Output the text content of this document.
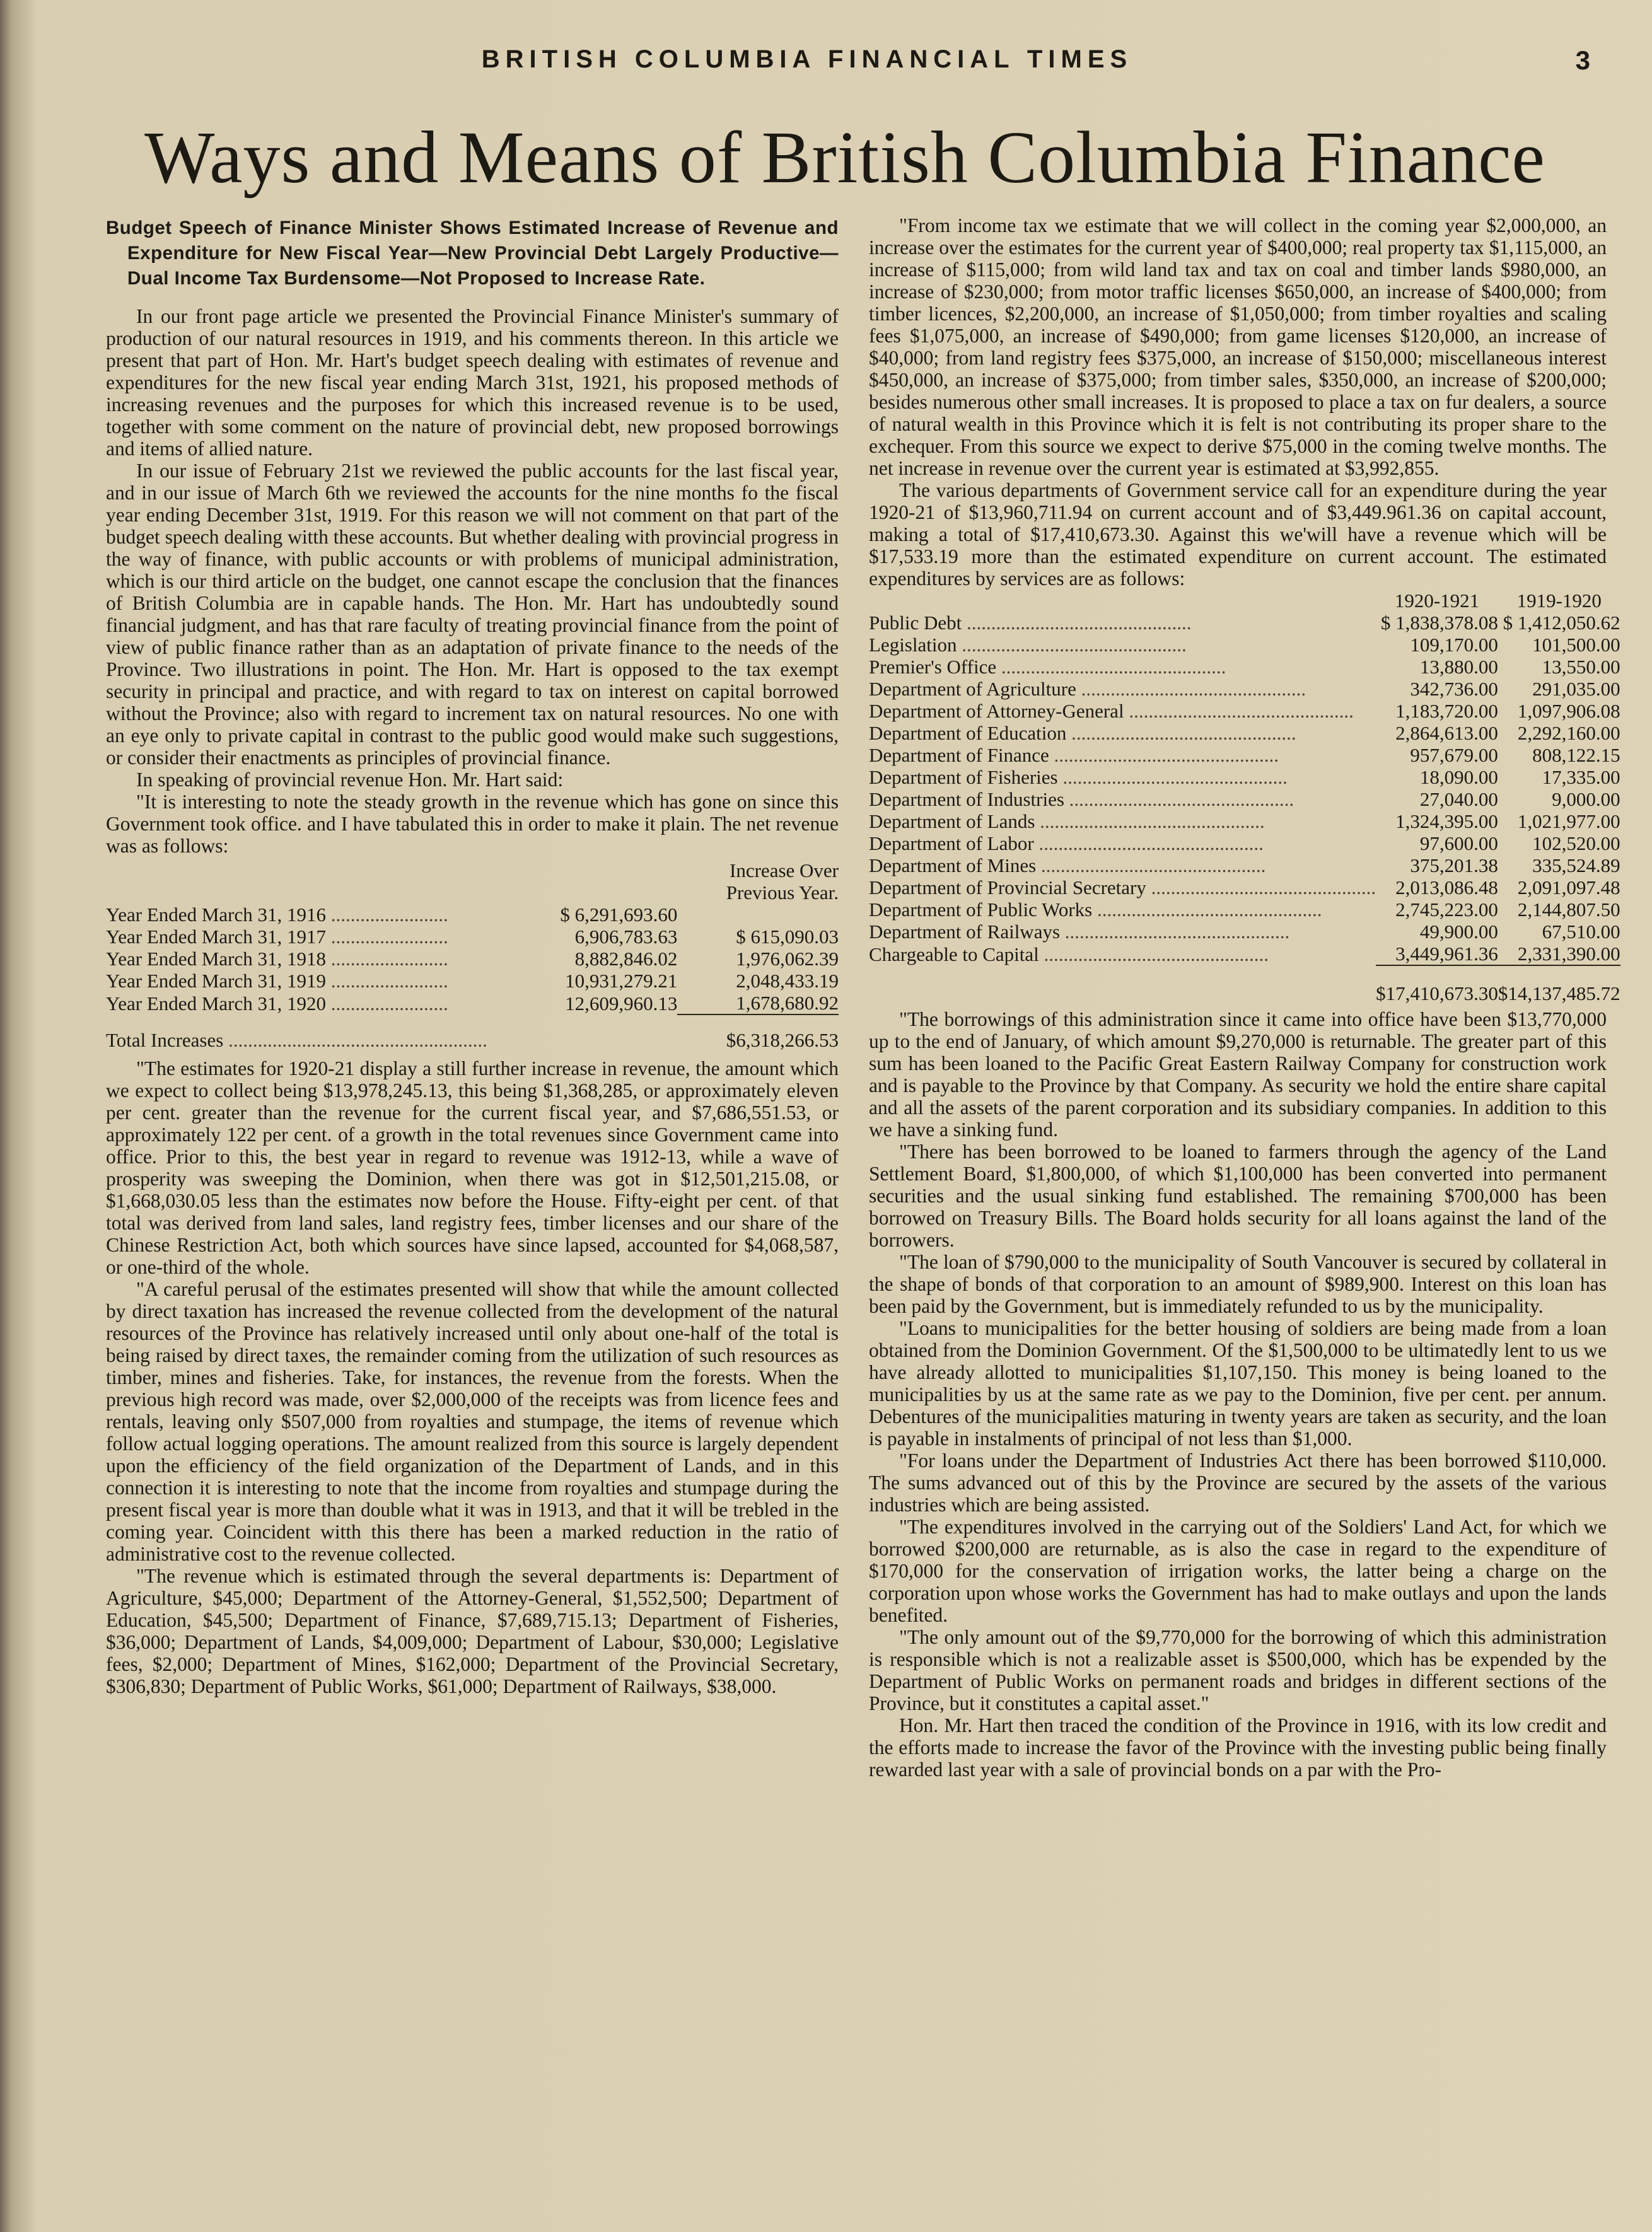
BRITISH COLUMBIA FINANCIAL TIMES	3
Ways and Means of British Columbia Finance
Budget Speech of Finance Minister Shows Estimated Increase of Revenue and Expenditure for New Fiscal Year—New Provincial Debt Largely Productive—Dual Income Tax Burdensome—Not Proposed to Increase Rate.

In our front page article we presented the Provincial Finance Minister's summary of production of our natural resources in 1919, and his comments thereon. In this article we present that part of Hon. Mr. Hart's budget speech dealing with estimates of revenue and expenditures for the new fiscal year ending March 31st, 1921, his proposed methods of increasing revenues and the purposes for which this increased revenue is to be used, together with some comment on the nature of provincial debt, new proposed borrowings and items of allied nature.

In our issue of February 21st we reviewed the public accounts for the last fiscal year, and in our issue of March 6th we reviewed the accounts for the nine months fo the fiscal year ending December 31st, 1919. For this reason we will not comment on that part of the budget speech dealing witth these accounts. But whether dealing with provincial progress in the way of finance, with public accounts or with problems of municipal administration, which is our third article on the budget, one cannot escape the conclusion that the finances of British Columbia are in capable hands. The Hon. Mr. Hart has undoubtedly sound financial judgment, and has that rare faculty of treating provincial finance from the point of view of public finance rather than as an adaptation of private finance to the needs of the Province. Two illustrations in point. The Hon. Mr. Hart is opposed to the tax exempt security in principal and practice, and with regard to tax on interest on capital borrowed without the Province; also with regard to increment tax on natural resources. No one with an eye only to private capital in contrast to the public good would make such suggestions, or consider their enactments as principles of provincial finance.

In speaking of provincial revenue Hon. Mr. Hart said:

"It is interesting to note the steady growth in the revenue which has gone on since this Government took office. and I have tabulated this in order to make it plain. The net revenue was as follows:

		Increase Over
		Previous Year.
Year Ended March 31, 1916 ........................	$ 6,291,693.60	
Year Ended March 31, 1917 ........................	6,906,783.63	$ 615,090.03
Year Ended March 31, 1918 ........................	8,882,846.02	1,976,062.39
Year Ended March 31, 1919 ........................	10,931,279.21	2,048,433.19
Year Ended March 31, 1920 ........................	12,609,960.13	1,678,680.92
Total Increases .....................................................		$6,318,266.53

"The estimates for 1920-21 display a still further increase in revenue, the amount which we expect to collect being $13,978,245.13, this being $1,368,285, or approximately eleven per cent. greater than the revenue for the current fiscal year, and $7,686,551.53, or approximately 122 per cent. of a growth in the total revenues since Government came into office. Prior to this, the best year in regard to revenue was 1912-13, while a wave of prosperity was sweeping the Dominion, when there was got in $12,501,215.08, or $1,668,030.05 less than the estimates now before the House. Fifty-eight per cent. of that total was derived from land sales, land registry fees, timber licenses and our share of the Chinese Restriction Act, both which sources have since lapsed, accounted for $4,068,587, or one-third of the whole.

"A careful perusal of the estimates presented will show that while the amount collected by direct taxation has increased the revenue collected from the development of the natural resources of the Province has relatively increased until only about one-half of the total is being raised by direct taxes, the remainder coming from the utilization of such resources as timber, mines and fisheries. Take, for instances, the revenue from the forests. When the previous high record was made, over $2,000,000 of the receipts was from licence fees and rentals, leaving only $507,000 from royalties and stumpage, the items of revenue which follow actual logging operations. The amount realized from this source is largely dependent upon the efficiency of the field organization of the Department of Lands, and in this connection it is interesting to note that the income from royalties and stumpage during the present fiscal year is more than double what it was in 1913, and that it will be trebled in the coming year. Coincident witth this there has been a marked reduction in the ratio of administrative cost to the revenue collected.

"The revenue which is estimated through the several departments is: Department of Agriculture, $45,000; Department of the Attorney-General, $1,552,500; Department of Education, $45,500; Department of Finance, $7,689,715.13; Department of Fisheries, $36,000; Department of Lands, $4,009,000; Department of Labour, $30,000; Legislative fees, $2,000; Department of Mines, $162,000; Department of the Provincial Secretary, $306,830; Department of Public Works, $61,000; Department of Railways, $38,000.

"From income tax we estimate that we will collect in the coming year $2,000,000, an increase over the estimates for the current year of $400,000; real property tax $1,115,000, an increase of $115,000; from wild land tax and tax on coal and timber lands $980,000, an increase of $230,000; from motor traffic licenses $650,000, an increase of $400,000; from timber licences, $2,200,000, an increase of $1,050,000; from timber royalties and scaling fees $1,075,000, an increase of $490,000; from game licenses $120,000, an increase of $40,000; from land registry fees $375,000, an increase of $150,000; miscellaneous interest $450,000, an increase of $375,000; from timber sales, $350,000, an increase of $200,000; besides numerous other small increases. It is proposed to place a tax on fur dealers, a source of natural wealth in this Province which it is felt is not contributing its proper share to the exchequer. From this source we expect to derive $75,000 in the coming twelve months. The net increase in revenue over the current year is estimated at $3,992,855.

The various departments of Government service call for an expenditure during the year 1920-21 of $13,960,711.94 on current account and of $3,449.961.36 on capital account, making a total of $17,410,673.30. Against this we'will have a revenue which will be $17,533.19 more than the estimated expenditure on current account. The estimated expenditures by services are as follows:

	1920-1921	1919-1920
Public Debt ..............................................	$ 1,838,378.08	$ 1,412,050.62
Legislation ..............................................	109,170.00	101,500.00
Premier's Office ..............................................	13,880.00	13,550.00
Department of Agriculture ..............................................	342,736.00	291,035.00
Department of Attorney-General ..............................................	1,183,720.00	1,097,906.08
Department of Education ..............................................	2,864,613.00	2,292,160.00
Department of Finance ..............................................	957,679.00	808,122.15
Department of Fisheries ..............................................	18,090.00	17,335.00
Department of Industries ..............................................	27,040.00	9,000.00
Department of Lands ..............................................	1,324,395.00	1,021,977.00
Department of Labor ..............................................	97,600.00	102,520.00
Department of Mines ..............................................	375,201.38	335,524.89
Department of Provincial Secretary ..............................................	2,013,086.48	2,091,097.48
Department of Public Works ..............................................	2,745,223.00	2,144,807.50
Department of Railways ..............................................	49,900.00	67,510.00
Chargeable to Capital ..............................................	3,449,961.36	2,331,390.00
	$17,410,673.30	$14,137,485.72

"The borrowings of this administration since it came into office have been $13,770,000 up to the end of January, of which amount $9,270,000 is returnable. The greater part of this sum has been loaned to the Pacific Great Eastern Railway Company for construction work and is payable to the Province by that Company. As security we hold the entire share capital and all the assets of the parent corporation and its subsidiary companies. In addition to this we have a sinking fund.

"There has been borrowed to be loaned to farmers through the agency of the Land Settlement Board, $1,800,000, of which $1,100,000 has been converted into permanent securities and the usual sinking fund established. The remaining $700,000 has been borrowed on Treasury Bills. The Board holds security for all loans against the land of the borrowers.

"The loan of $790,000 to the municipality of South Vancouver is secured by collateral in the shape of bonds of that corporation to an amount of $989,900. Interest on this loan has been paid by the Government, but is immediately refunded to us by the municipality.

"Loans to municipalities for the better housing of soldiers are being made from a loan obtained from the Dominion Government. Of the $1,500,000 to be ultimatedly lent to us we have already allotted to municipalities $1,107,150. This money is being loaned to the municipalities by us at the same rate as we pay to the Dominion, five per cent. per annum. Debentures of the municipalities maturing in twenty years are taken as security, and the loan is payable in instalments of principal of not less than $1,000.

"For loans under the Department of Industries Act there has been borrowed $110,000. The sums advanced out of this by the Province are secured by the assets of the various industries which are being assisted.

"The expenditures involved in the carrying out of the Soldiers' Land Act, for which we borrowed $200,000 are returnable, as is also the case in regard to the expenditure of $170,000 for the conservation of irrigation works, the latter being a charge on the corporation upon whose works the Government has had to make outlays and upon the lands benefited.

"The only amount out of the $9,770,000 for the borrowing of which this administration is responsible which is not a realizable asset is $500,000, which has be expended by the Department of Public Works on permanent roads and bridges in different sections of the Province, but it constitutes a capital asset."

Hon. Mr. Hart then traced the condition of the Province in 1916, with its low credit and the efforts made to increase the favor of the Province with the investing public being finally rewarded last year with a sale of provincial bonds on a par with the Pro-
